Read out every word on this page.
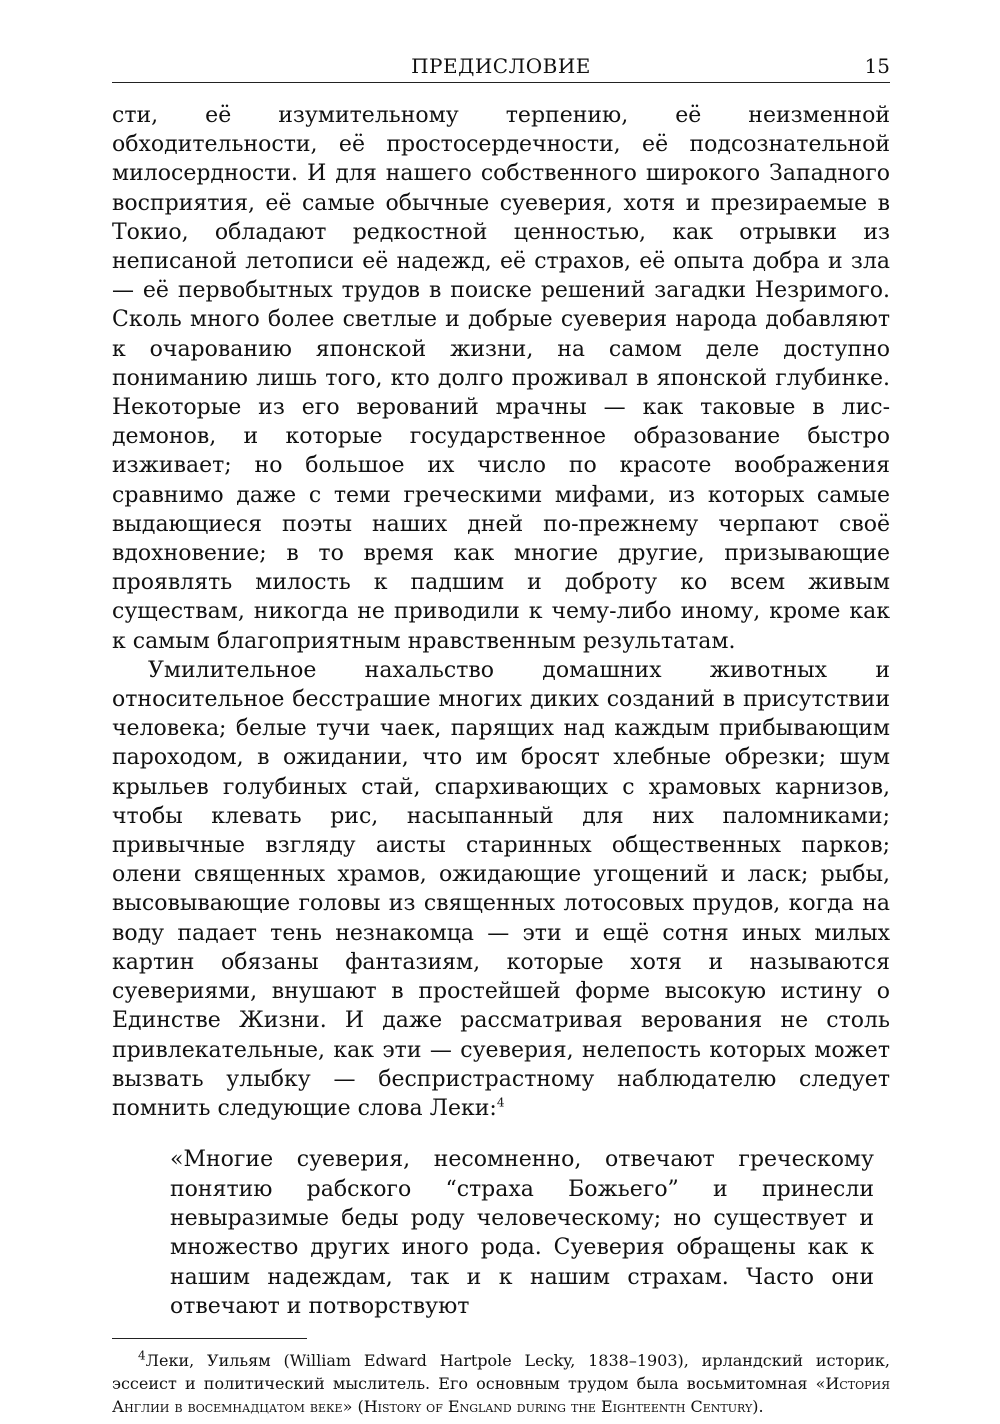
ПРЕДИСЛОВИЕ	15

сти, её изумительному терпению, её неизменной обходительности, её простосердечности, её подсознательной милосердности. И для нашего собственного широкого Западного восприятия, её самые обычные суеверия, хотя и презираемые в Токио, обладают редкостной ценностью, как отрывки из неписаной летописи её надежд, её страхов, её опыта добра и зла — её первобытных трудов в поиске решений загадки Незримого. Сколь много более светлые и добрые суеверия народа добавляют к очарованию японской жизни, на самом деле доступно пониманию лишь того, кто долго проживал в японской глубинке. Некоторые из его верований мрачны — как таковые в лис-демонов, и которые государственное образование быстро изживает; но большое их число по красоте воображения сравнимо даже с теми греческими мифами, из которых самые выдающиеся поэты наших дней по-прежнему черпают своё вдохновение; в то время как многие другие, призывающие проявлять милость к падшим и доброту ко всем живым существам, никогда не приводили к чему-либо иному, кроме как к самым благоприятным нравственным результатам.

Умилительное нахальство домашних животных и относительное бесстрашие многих диких созданий в присутствии человека; белые тучи чаек, парящих над каждым прибывающим пароходом, в ожидании, что им бросят хлебные обрезки; шум крыльев голубиных стай, спархивающих с храмовых карнизов, чтобы клевать рис, насыпанный для них паломниками; привычные взгляду аисты старинных общественных парков; олени священных храмов, ожидающие угощений и ласк; рыбы, высовывающие головы из священных лотосовых прудов, когда на воду падает тень незнакомца — эти и ещё сотня иных милых картин обязаны фантазиям, которые хотя и называются суевериями, внушают в простейшей форме высокую истину о Единстве Жизни. И даже рассматривая верования не столь привлекательные, как эти — суеверия, нелепость которых может вызвать улыбку — беспристрастному наблюдателю следует помнить следующие слова Леки:$^4$

«Многие суеверия, несомненно, отвечают греческому понятию рабского “страха Божьего” и принесли невыразимые беды роду человеческому; но существует и множество других иного рода. Суеверия обращены как к нашим надеждам, так и к нашим страхам. Часто они отвечают и потворствуют
$^4$Леки, Уильям (William Edward Hartpole Lecky, 1838–1903), ирландский историк, эссеист и политический мыслитель. Его основным трудом была восьмитомная «История Англии в восемнадцатом веке» (History of England during the Eighteenth Century).
